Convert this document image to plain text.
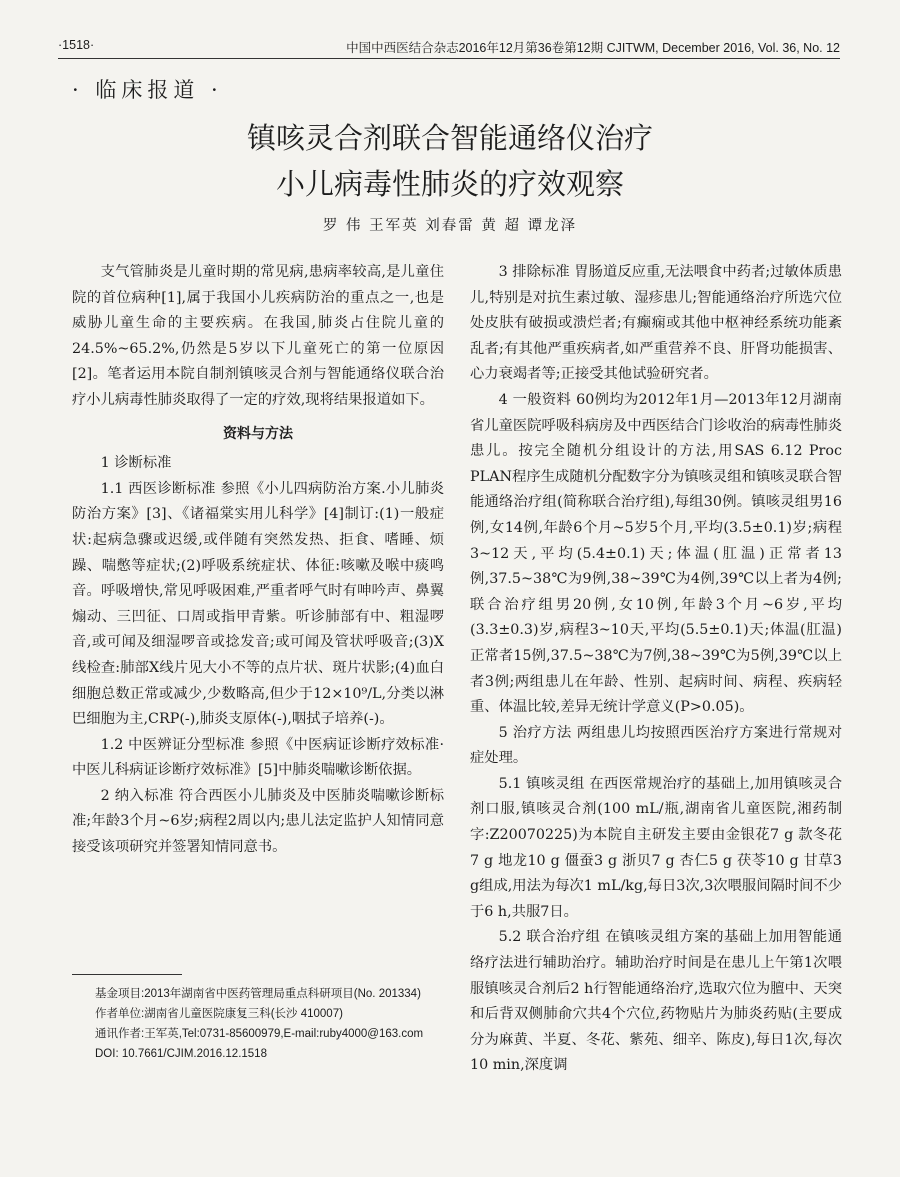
·1518·	中国中西医结合杂志2016年12月第36卷第12期 CJITWM, December 2016, Vol. 36, No. 12
· 临床报道 ·
镇咳灵合剂联合智能通络仪治疗
小儿病毒性肺炎的疗效观察
罗 伟 王军英 刘春雷 黄 超 谭龙泽

支气管肺炎是儿童时期的常见病,患病率较高,是儿童住院的首位病种[1],属于我国小儿疾病防治的重点之一,也是威胁儿童生命的主要疾病。在我国,肺炎占住院儿童的24.5%~65.2%,仍然是5岁以下儿童死亡的第一位原因[2]。笔者运用本院自制剂镇咳灵合剂与智能通络仪联合治疗小儿病毒性肺炎取得了一定的疗效,现将结果报道如下。

资料与方法

1 诊断标准

1.1 西医诊断标准 参照《小儿四病防治方案.小儿肺炎防治方案》[3]、《诸福棠实用儿科学》[4]制订:(1)一般症状:起病急骤或迟缓,或伴随有突然发热、拒食、嗜睡、烦躁、喘憋等症状;(2)呼吸系统症状、体征:咳嗽及喉中痰鸣音。呼吸增快,常见呼吸困难,严重者呼气时有呻吟声、鼻翼煽动、三凹征、口周或指甲青紫。听诊肺部有中、粗湿啰音,或可闻及细湿啰音或捻发音;或可闻及管状呼吸音;(3)X线检查:肺部X线片见大小不等的点片状、斑片状影;(4)血白细胞总数正常或减少,少数略高,但少于12×10⁹/L,分类以淋巴细胞为主,CRP(-),肺炎支原体(-),咽拭子培养(-)。

1.2 中医辨证分型标准 参照《中医病证诊断疗效标准·中医儿科病证诊断疗效标准》[5]中肺炎喘嗽诊断依据。

2 纳入标准 符合西医小儿肺炎及中医肺炎喘嗽诊断标准;年龄3个月~6岁;病程2周以内;患儿法定监护人知情同意接受该项研究并签署知情同意书。

3 排除标准 胃肠道反应重,无法喂食中药者;过敏体质患儿,特别是对抗生素过敏、湿疹患儿;智能通络治疗所选穴位处皮肤有破损或溃烂者;有癫痫或其他中枢神经系统功能紊乱者;有其他严重疾病者,如严重营养不良、肝肾功能损害、心力衰竭者等;正接受其他试验研究者。

4 一般资料 60例均为2012年1月—2013年12月湖南省儿童医院呼吸科病房及中西医结合门诊收治的病毒性肺炎患儿。按完全随机分组设计的方法,用SAS 6.12 Proc PLAN程序生成随机分配数字分为镇咳灵组和镇咳灵联合智能通络治疗组(简称联合治疗组),每组30例。镇咳灵组男16例,女14例,年龄6个月~5岁5个月,平均(3.5±0.1)岁;病程3~12天,平均(5.4±0.1)天;体温(肛温)正常者13例,37.5~38℃为9例,38~39℃为4例,39℃以上者为4例;联合治疗组男20例,女10例,年龄3个月~6岁,平均(3.3±0.3)岁,病程3~10天,平均(5.5±0.1)天;体温(肛温)正常者15例,37.5~38℃为7例,38~39℃为5例,39℃以上者3例;两组患儿在年龄、性别、起病时间、病程、疾病轻重、体温比较,差异无统计学意义(P>0.05)。

5 治疗方法 两组患儿均按照西医治疗方案进行常规对症处理。

5.1 镇咳灵组 在西医常规治疗的基础上,加用镇咳灵合剂口服,镇咳灵合剂(100 mL/瓶,湖南省儿童医院,湘药制字:Z20070225)为本院自主研发主要由金银花7 g 款冬花7 g 地龙10 g 僵蚕3 g 浙贝7 g 杏仁5 g 茯苓10 g 甘草3 g组成,用法为每次1 mL/kg,每日3次,3次喂服间隔时间不少于6 h,共服7日。

5.2 联合治疗组 在镇咳灵组方案的基础上加用智能通络疗法进行辅助治疗。辅助治疗时间是在患儿上午第1次喂服镇咳灵合剂后2 h行智能通络治疗,选取穴位为膻中、天突和后背双侧肺俞穴共4个穴位,药物贴片为肺炎药贴(主要成分为麻黄、半夏、冬花、紫苑、细辛、陈皮),每日1次,每次10 min,深度调

基金项目:2013年湖南省中医药管理局重点科研项目(No. 201334)

作者单位:湖南省儿童医院康复三科(长沙 410007)

通讯作者:王军英,Tel:0731-85600979,E-mail:ruby4000@163.com

DOI: 10.7661/CJIM.2016.12.1518
